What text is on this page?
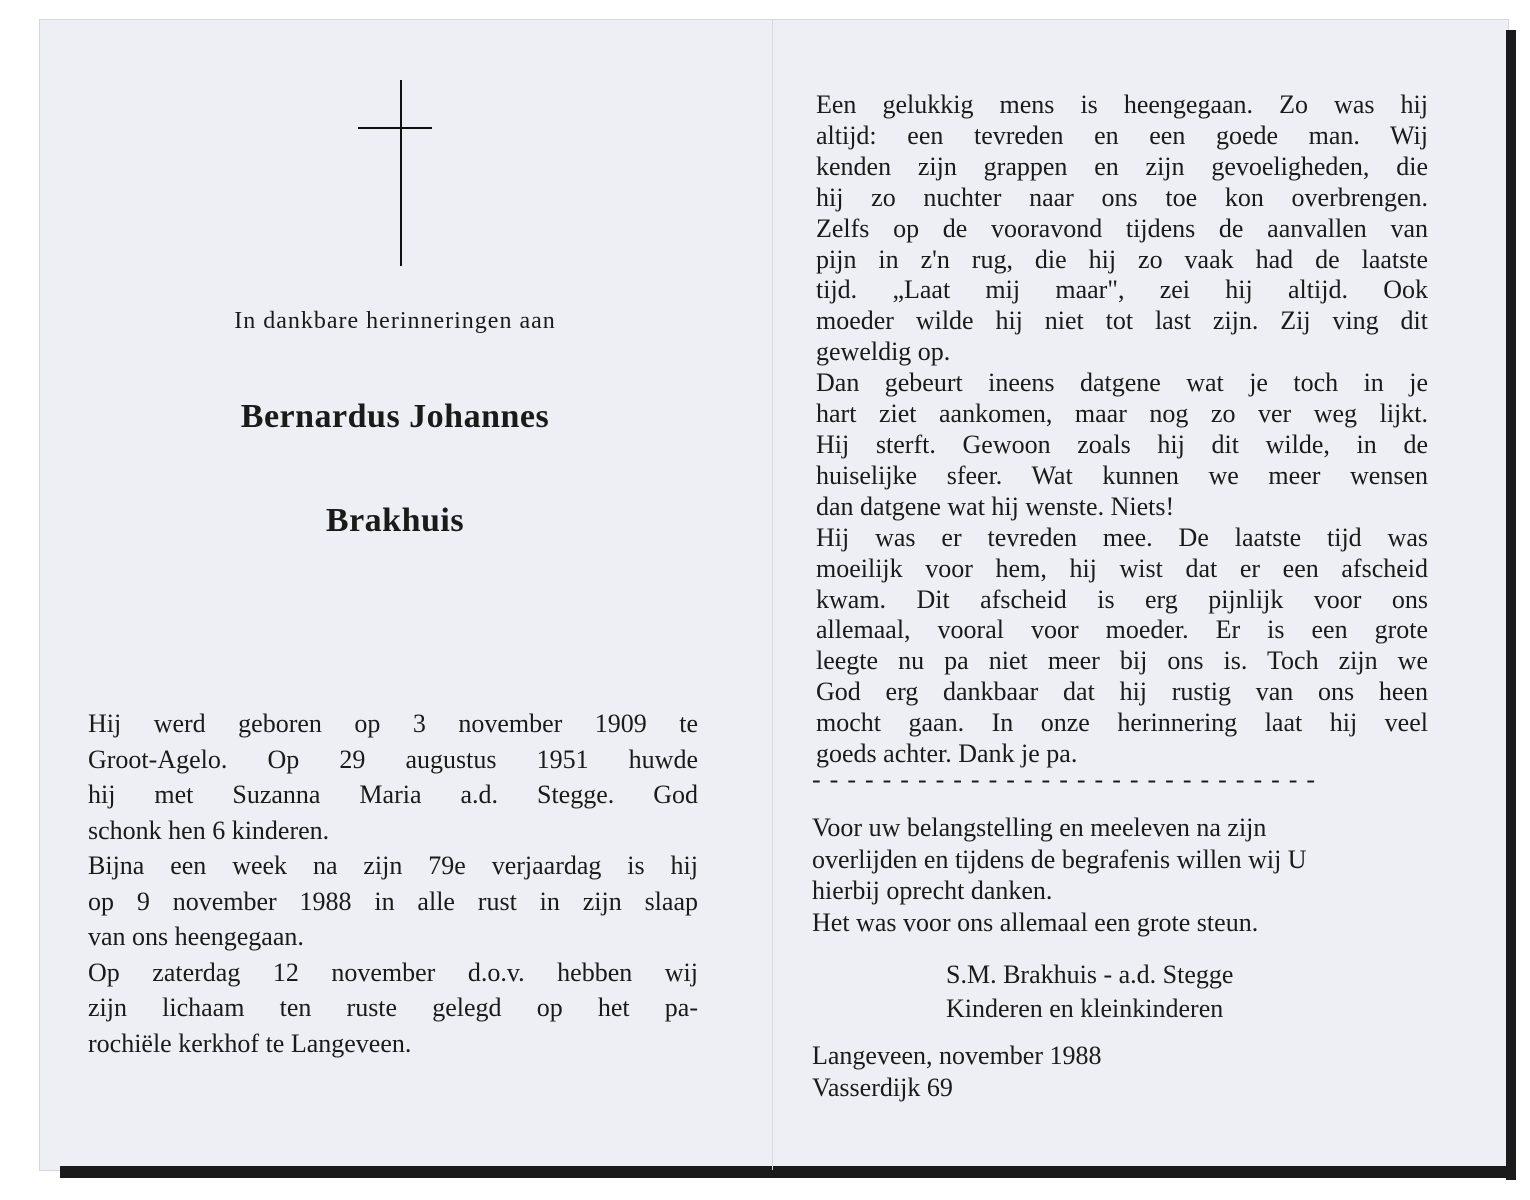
In dankbare herinneringen aan
Bernardus Johannes
Brakhuis
Hij werd geboren op 3 november 1909 te
Groot-Agelo. Op 29 augustus 1951 huwde
hij met Suzanna Maria a.d. Stegge. God
schonk hen 6 kinderen.
Bijna een week na zijn 79e verjaardag is hij
op 9 november 1988 in alle rust in zijn slaap
van ons heengegaan.
Op zaterdag 12 november d.o.v. hebben wij
zijn lichaam ten ruste gelegd op het pa-
rochiële kerkhof te Langeveen.
Een gelukkig mens is heengegaan. Zo was hij
altijd: een tevreden en een goede man. Wij
kenden zijn grappen en zijn gevoeligheden, die
hij zo nuchter naar ons toe kon overbrengen.
Zelfs op de vooravond tijdens de aanvallen van
pijn in z'n rug, die hij zo vaak had de laatste
tijd. „Laat mij maar", zei hij altijd. Ook
moeder wilde hij niet tot last zijn. Zij ving dit
geweldig op.
Dan gebeurt ineens datgene wat je toch in je
hart ziet aankomen, maar nog zo ver weg lijkt.
Hij sterft. Gewoon zoals hij dit wilde, in de
huiselijke sfeer. Wat kunnen we meer wensen
dan datgene wat hij wenste. Niets!
Hij was er tevreden mee. De laatste tijd was
moeilijk voor hem, hij wist dat er een afscheid
kwam. Dit afscheid is erg pijnlijk voor ons
allemaal, vooral voor moeder. Er is een grote
leegte nu pa niet meer bij ons is. Toch zijn we
God erg dankbaar dat hij rustig van ons heen
mocht gaan. In onze herinnering laat hij veel
goeds achter. Dank je pa.
-----------------------------
Voor uw belangstelling en meeleven na zijn
overlijden en tijdens de begrafenis willen wij U
hierbij oprecht danken.
Het was voor ons allemaal een grote steun.
S.M. Brakhuis - a.d. Stegge
Kinderen en kleinkinderen
Langeveen, november 1988
Vasserdijk 69
